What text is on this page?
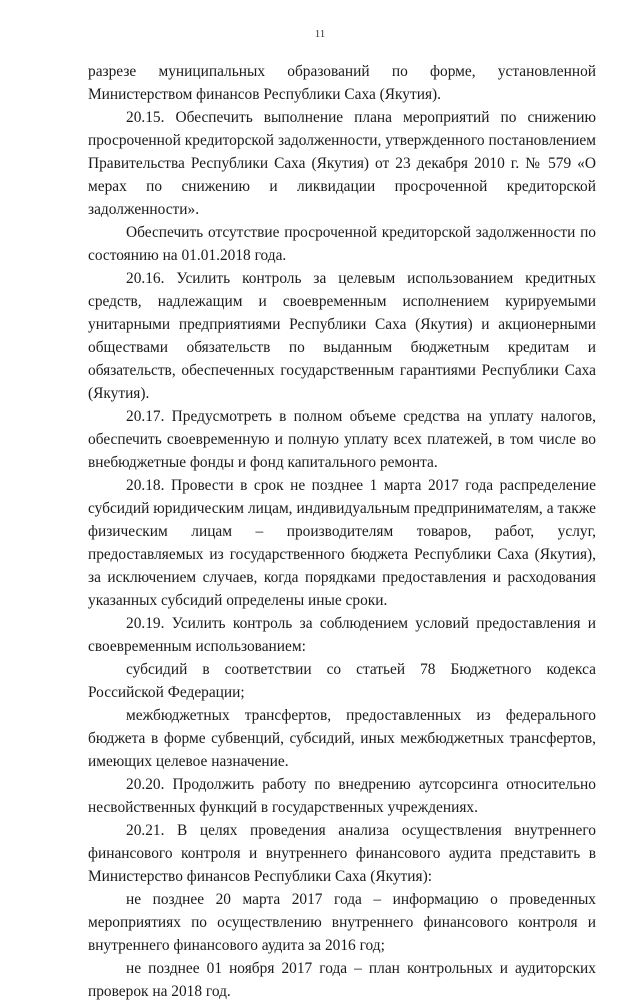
11

разрезе муниципальных образований по форме, установленной Министерством финансов Республики Саха (Якутия).

20.15. Обеспечить выполнение плана мероприятий по снижению просроченной кредиторской задолженности, утвержденного постановлением Правительства Республики Саха (Якутия) от 23 декабря 2010 г. № 579 «О мерах по снижению и ликвидации просроченной кредиторской задолженности».

Обеспечить отсутствие просроченной кредиторской задолженности по состоянию на 01.01.2018 года.

20.16. Усилить контроль за целевым использованием кредитных средств, надлежащим и своевременным исполнением курируемыми унитарными предприятиями Республики Саха (Якутия) и акционерными обществами обязательств по выданным бюджетным кредитам и обязательств, обеспеченных государственным гарантиями Республики Саха (Якутия).

20.17. Предусмотреть в полном объеме средства на уплату налогов, обеспечить своевременную и полную уплату всех платежей, в том числе во внебюджетные фонды и фонд капитального ремонта.

20.18. Провести в срок не позднее 1 марта 2017 года распределение субсидий юридическим лицам, индивидуальным предпринимателям, а также физическим лицам – производителям товаров, работ, услуг, предоставляемых из государственного бюджета Республики Саха (Якутия), за исключением случаев, когда порядками предоставления и расходования указанных субсидий определены иные сроки.

20.19. Усилить контроль за соблюдением условий предоставления и своевременным использованием:

субсидий в соответствии со статьей 78 Бюджетного кодекса Российской Федерации;

межбюджетных трансфертов, предоставленных из федерального бюджета в форме субвенций, субсидий, иных межбюджетных трансфертов, имеющих целевое назначение.

20.20. Продолжить работу по внедрению аутсорсинга относительно несвойственных функций в государственных учреждениях.

20.21. В целях проведения анализа осуществления внутреннего финансового контроля и внутреннего финансового аудита представить в Министерство финансов Республики Саха (Якутия):

не позднее 20 марта 2017 года – информацию о проведенных мероприятиях по осуществлению внутреннего финансового контроля и внутреннего финансового аудита за 2016 год;

не позднее 01 ноября 2017 года – план контрольных и аудиторских проверок на 2018 год.
